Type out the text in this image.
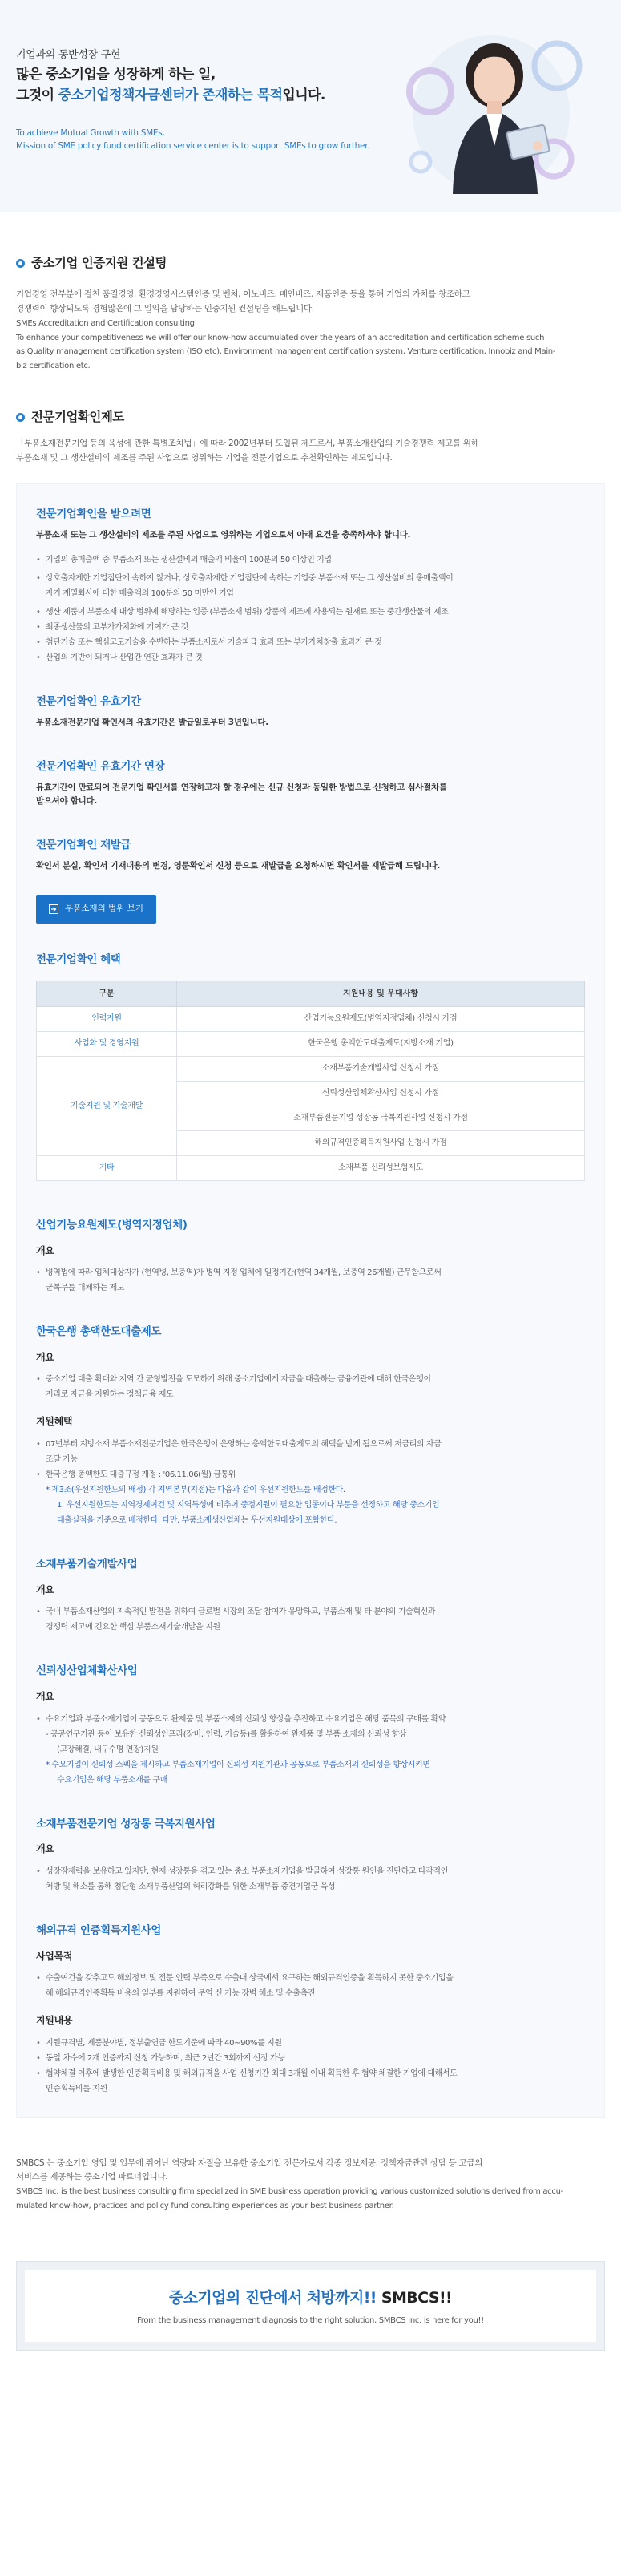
기업과의 동반성장 구현
많은 중소기업을 성장하게 하는 일,
그것이 중소기업정책자금센터가 존재하는 목적입니다.
To achieve Mutual Growth with SMEs,
Mission of SME policy fund certification service center is to support SMEs to grow further.
중소기업 인증지원 컨설팅
기업경영 전부분에 걸친 품질경영, 환경경영시스템인증 및 벤처, 이노비즈, 메인비즈, 제품인증 등을 통해 기업의 가치를 창조하고
경쟁력이 향상되도록 경험많은에 그 일익을 담당하는 인증지원 컨설팅을 해드립니다.
SMEs Accreditation and Certification consulting
To enhance your competitiveness we will offer our know-how accumulated over the years of an accreditation and certification scheme such
as Quality management certification system (ISO etc), Environment management certification system, Venture certification, Innobiz and Main-
biz certification etc.
전문기업확인제도
「부품소재전문기업 등의 육성에 관한 특별조치법」에 따라 2002년부터 도입된 제도로서, 부품소재산업의 기술경쟁력 제고를 위해
부품소재 및 그 생산설비의 제조를 주된 사업으로 영위하는 기업을 전문기업으로 추천확인하는 제도입니다.
전문기업확인을 받으려면
부품소재 또는 그 생산설비의 제조를 주된 사업으로 영위하는 기업으로서 아래 요건을 충족하셔야 합니다.
• 기업의 총매출액 중 부품소재 또는 생산설비의 매출액 비율이 100분의 50 이상인 기업
• 상호출자제한 기업집단에 속하지 않거나, 상호출자제한 기업집단에 속하는 기업중 부품소재 또는 그 생산설비의 총매출액이
자기 계열회사에 대한 매출액의 100분의 50 미만인 기업
• 생산 제품이 부품소재 대상 범위에 해당하는 업종 (부품소재 범위) 상품의 제조에 사용되는 원재료 또는 중간생산물의 제조
• 최종생산물의 고부가가치화에 기여가 큰 것
• 첨단기술 또는 핵심고도기술을 수반하는 부품소재로서 기술파급 효과 또는 부가가치창출 효과가 큰 것
• 산업의 기반이 되거나 산업간 연관 효과가 큰 것
전문기업확인 유효기간
부품소재전문기업 확인서의 유효기간은 발급일로부터 3년입니다.
전문기업확인 유효기간 연장
유효기간이 만료되어 전문기업 확인서를 연장하고자 할 경우에는 신규 신청과 동일한 방법으로 신청하고 심사절차를
받으셔야 합니다.
전문기업확인 재발급
확인서 분실, 확인서 기재내용의 변경, 영문확인서 신청 등으로 재발급을 요청하시면 확인서를 재발급해 드립니다.
부품소재의 범위 보기
전문기업확인 혜택
구분	지원내용 및 우대사항
인력지원	산업기능요원제도(병역지정업체) 신청시 가점
사업화 및 경영지원	한국은행 총액한도대출제도(지방소재 기업)
기술지원 및 기술개발	소재부품기술개발사업 신청시 가점
	신뢰성산업체확산사업 신청시 가점
	소재부품전문기업 성장동 극복지원사업 신청시 가점
	해외규격인증획득지원사업 신청시 가점
기타	소재부품 신뢰성보험제도
산업기능요원제도(병역지정업체)
개요
• 병역법에 따라 업체대상자가 (현역병, 보충역)가 병역 지정 업체에 일정기간(현역 34개월, 보충역 26개월) 근무함으로써
군복무를 대체하는 제도
한국은행 총액한도대출제도
개요
• 중소기업 대출 확대와 지역 간 균형발전을 도모하기 위해 중소기업에게 자금을 대출하는 금융기관에 대해 한국은행이
저리로 자금을 지원하는 정책금융 제도
지원혜택
• 07년부터 지방소재 부품소재전문기업은 한국은행이 운영하는 총액한도대출제도의 혜택을 받게 됨으로써 저금리의 자금
조달 가능
• 한국은행 총액한도 대출규정 개정 : '06.11.06(월) 금통위
* 제3조(우선지원한도의 배정) 각 지역본부(지점)는 다음과 같이 우선지원한도를 배정한다.
1. 우선지원한도는 지역경제여건 및 지역특성에 비추어 중점지원이 필요한 업종이나 부문을 선정하고 해당 중소기업
대출실적을 기준으로 배정한다. 다만, 부품소재생산업체는 우선지원대상에 포함한다.
소재부품기술개발사업
개요
• 국내 부품소재산업의 지속적인 발전을 위하여 글로벌 시장의 조달 참여가 유망하고, 부품소재 및 타 분야의 기술혁신과
경쟁력 제고에 긴요한 핵심 부품소재기술개발을 지원
신뢰성산업체확산사업
개요
• 수요기업과 부품소재기업이 공동으로 완제품 및 부품소재의 신뢰성 향상을 추진하고 수요기업은 해당 품목의 구매를 확약
- 공공연구기관 등이 보유한 신뢰성인프라(장비, 인력, 기술등)를 활용하여 완제품 및 부품 소재의 신뢰성 향상
(고장해결, 내구수명 연장)지원
* 수요기업이 신뢰성 스펙을 제시하고 부품소재기업이 신뢰성 지원기관과 공동으로 부품소재의 신뢰성을 향상시키면
수요기업은 해당 부품소재를 구매
소재부품전문기업 성장통 극복지원사업
개요
• 성장잠재력을 보유하고 있지만, 현재 성장통을 겪고 있는 중소 부품소재기업을 발굴하여 성장통 원인을 진단하고 다각적인
처방 및 해소를 통해 첨단형 소재부품산업의 허리강화를 위한 소재부품 중견기업군 육성
해외규격 인증획득지원사업
사업목적
• 수출여건을 갖추고도 해외정보 및 전문 인력 부족으로 수출대 상국에서 요구하는 해외규격인증을 획득하지 못한 중소기업을
해 해외규격인증획득 비용의 일부를 지원하여 무역 신 가능 장벽 해소 및 수출촉진
지원내용
• 지원규격별, 제품분야별, 정부출연금 한도기준에 따라 40~90%를 지원
• 동일 차수에 2개 인증까지 신청 가능하며, 최근 2년간 3회까지 선정 가능
• 협약체결 이후에 발생한 인증획득비용 및 해외규격을 사업 신청기간 최대 3개월 이내 획득한 후 협약 체결한 기업에 대해서도
인증획득비를 지원
SMBCS 는 중소기업 영업 및 업무에 뛰어난 역량과 자질을 보유한 중소기업 전문가로서 각종 정보제공, 정책자금관련 상담 등 고급의
서비스를 제공하는 중소기업 파트너입니다.
SMBCS Inc. is the best business consulting firm specialized in SME business operation providing various customized solutions derived from accu-
mulated know-how, practices and policy fund consulting experiences as your best business partner.
중소기업의 진단에서 처방까지!! SMBCS!!
From the business management diagnosis to the right solution, SMBCS Inc. is here for you!!
